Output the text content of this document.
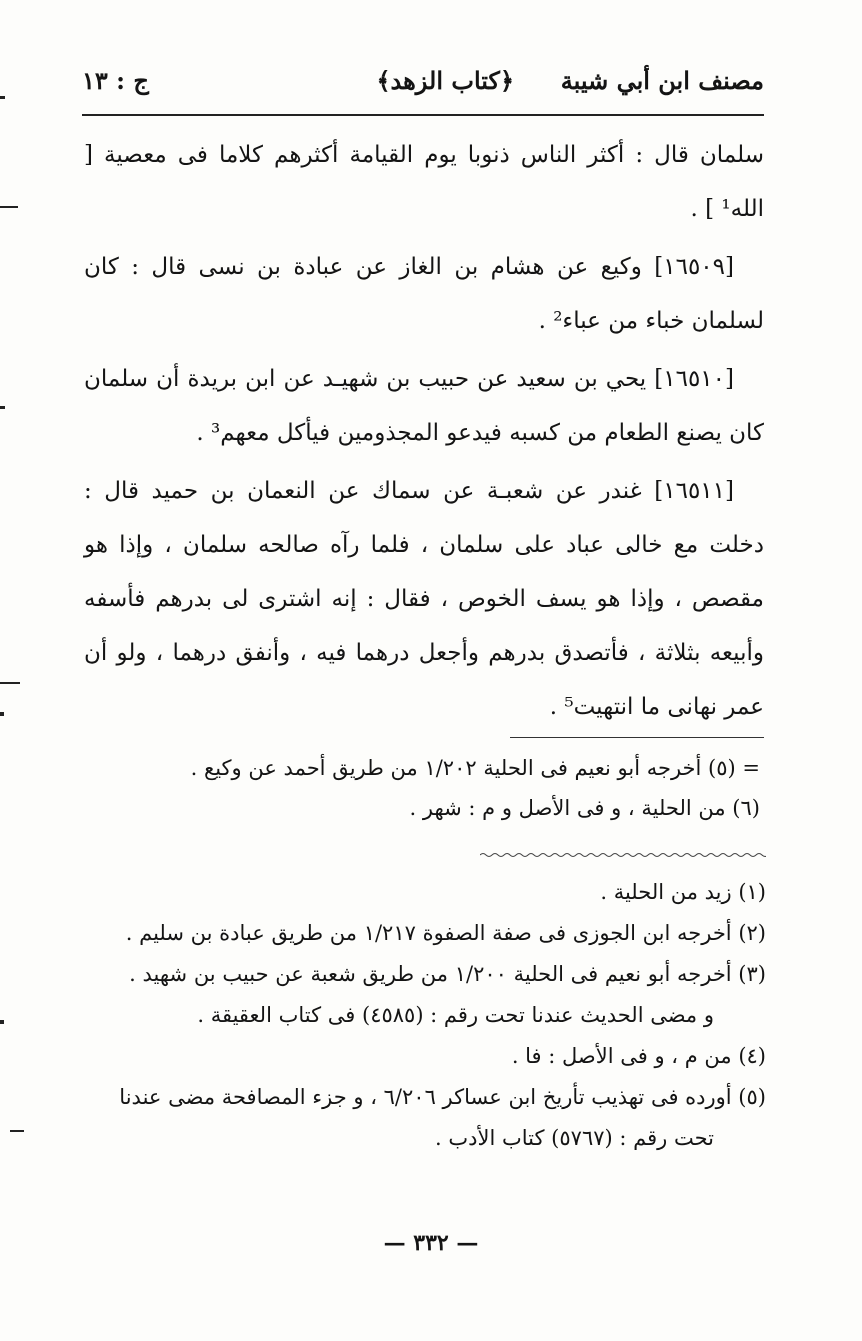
مصنف ابن أبي شيبة
﴿كتاب الزهد﴾
ج : ١٣

سلمان قال : أكثر الناس ذنوبا يوم القيامة أكثرهم كلاما فى معصية [ الله¹ ] .

[١٦٥٠٩] وكيع عن هشام بن الغاز عن عبادة بن نسى قال : كان لسلمان خباء من عباء² .

[١٦٥١٠] يحي بن سعيد عن حبيب بن شهيـد عن ابن بريدة أن سلمان كان يصنع الطعام من كسبه فيدعو المجذومين فيأكل معهم³ .

[١٦٥١١] غندر عن شعبـة عن سماك عن النعمان بن حميد قال : دخلت مع خالى عباد على سلمان ، فلما رآه صالحه سلمان ، وإذا هو مقصص ، وإذا هو يسف الخوص ، فقال : إنه اشترى لى بدرهم فأسفه وأبيعه بثلاثة ، فأتصدق بدرهم وأجعل درهما فيه ، وأنفق درهما ، ولو أن عمر نهانى ما انتهيت⁵ .

= (٥) أخرجه أبو نعيم فى الحلية ١/٢٠٢ من طريق أحمد عن وكيع .

(٦) من الحلية ، و فى الأصل و م : شهر .

(١) زيد من الحلية .

(٢) أخرجه ابن الجوزى فى صفة الصفوة ١/٢١٧ من طريق عبادة بن سليم .

(٣) أخرجه أبو نعيم فى الحلية ١/٢٠٠ من طريق شعبة عن حبيب بن شهيد .

و مضى الحديث عندنا تحت رقم : (٤٥٨٥) فى كتاب العقيقة .

(٤) من م ، و فى الأصل : فا .

(٥) أورده فى تهذيب تأريخ ابن عساكر ٦/٢٠٦ ، و جزء المصافحة مضى عندنا

تحت رقم : (٥٧٦٧) كتاب الأدب .

— ٣٣٢ —
